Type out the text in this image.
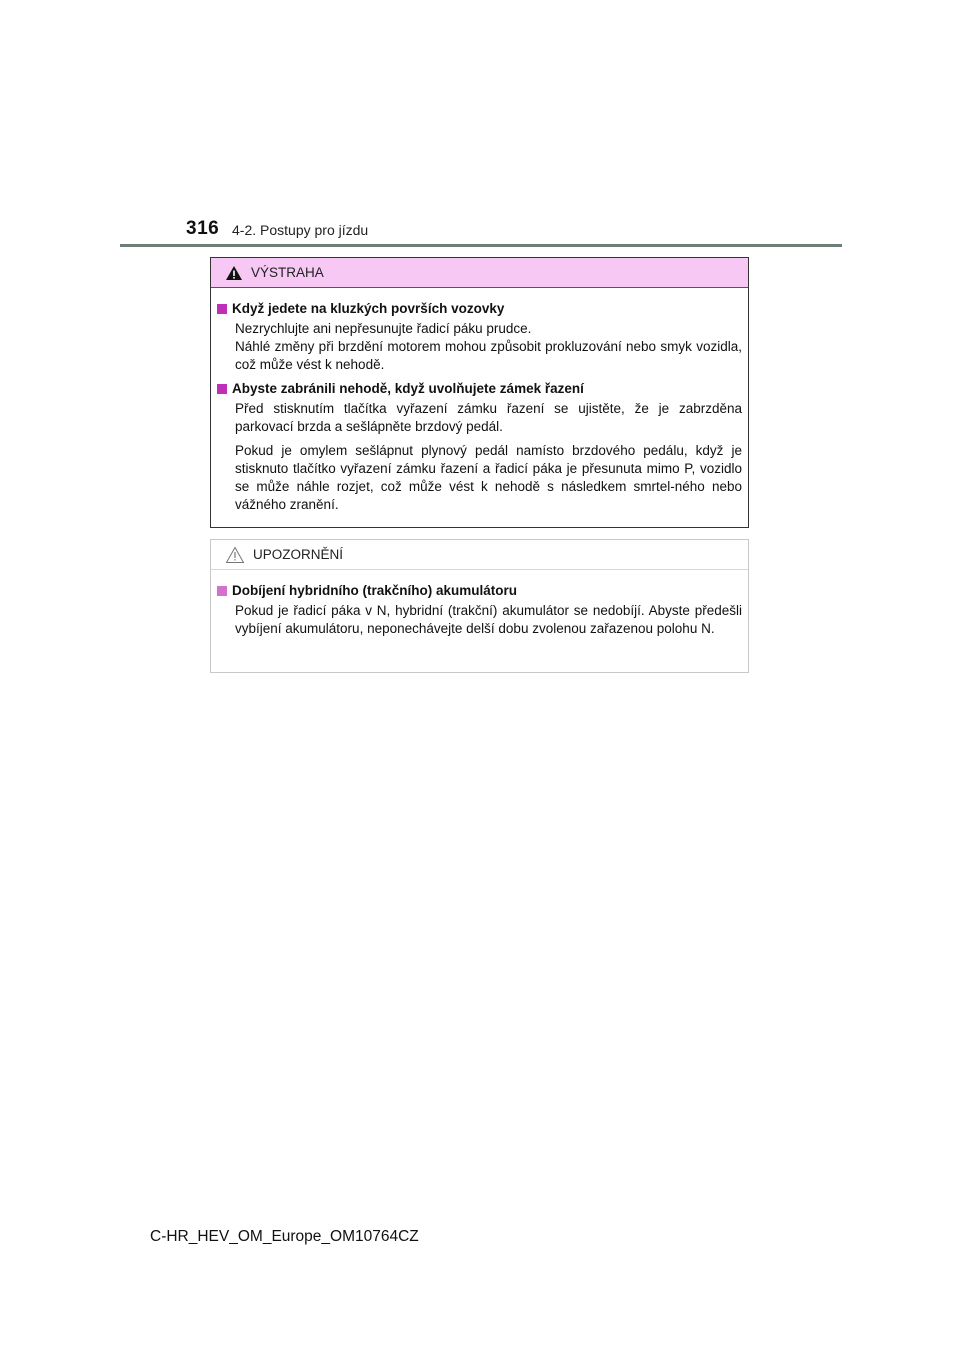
316 4-2. Postupy pro jízdu
VÝSTRAHA
Když jedete na kluzkých površích vozovky

Nezrychlujte ani nepřesunujte řadicí páku prudce.

Náhlé změny při brzdění motorem mohou způsobit prokluzování nebo smyk vozidla, což může vést k nehodě.

Abyste zabránili nehodě, když uvolňujete zámek řazení

Před stisknutím tlačítka vyřazení zámku řazení se ujistěte, že je zabrzděna parkovací brzda a sešlápněte brzdový pedál.

Pokud je omylem sešlápnut plynový pedál namísto brzdového pedálu, když je stisknuto tlačítko vyřazení zámku řazení a řadicí páka je přesunuta mimo P, vozidlo se může náhle rozjet, což může vést k nehodě s následkem smrtel-ného nebo vážného zranění.

UPOZORNĚNÍ
Dobíjení hybridního (trakčního) akumulátoru

Pokud je řadicí páka v N, hybridní (trakční) akumulátor se nedobíjí. Abyste předešli vybíjení akumulátoru, neponechávejte delší dobu zvolenou zařazenou polohu N.

C-HR_HEV_OM_Europe_OM10764CZ
